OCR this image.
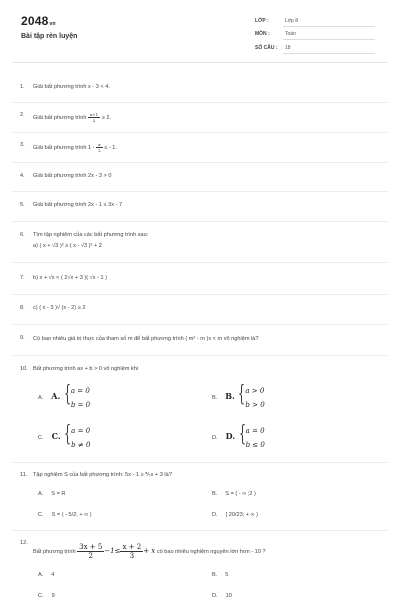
2048vn
Bài tập rèn luyện
LỚP :	Lớp 8
MÔN :	Toán
SỐ CÂU : 18
1. Giải bất phương trình x - 3 < 4.
2. Giải bất phương trình $\frac{x+1}{2} \ge 2$.
3. Giải bất phương trình $1 - \frac{x}{2}$ ≤ - 1.
4. Giải bất phương trình 2x - 3 > 0
5. Giải bất phương trình 2x - 1 ≤ 3x - 7
6. Tìm tập nghiệm của các bất phương trình sau:
a) ( x + √3 )² ≥ ( x - √3 )² + 2
7. b) x + √x < ( 2√x + 3 )( √x - 1 )
8. c) ( x - 3 )√ (x - 2) ≥ 2
9. Có bao nhiêu giá trị thực của tham số m để bất phương trình ( m² - m )x < m vô nghiệm là?
10. Bất phương trình ax + b > 0 vô nghiệm khi
A. A. { a = 0
b = 0
B. B. { a > 0
b > 0
C. C. { a = 0
b ≠ 0
D. D. { a = 0
b ≤ 0
11. Tập nghiệm S của bất phương trình: 5x - 1 ≥ ⅖x + 3 là?
A. S = R	B. S = ( - ∞ ;2 )
C. S = ( - 5/2; + ∞ )	D. [ 20/23; + ∞ )
12.
Bất phương trình $\frac{3x + 5}{2} -1\le \frac{x + 2}{3} + x$ có bao nhiêu nghiệm nguyên lớn hơn - 10 ?
A. 4	B. 5
C. 9	D. 10
